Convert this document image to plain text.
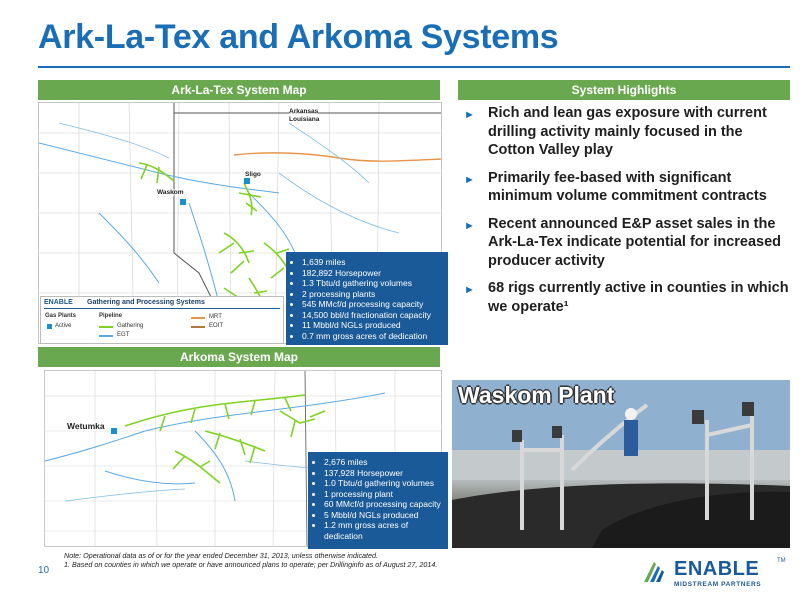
Ark-La-Tex and Arkoma Systems
Ark-La-Tex System Map	System Highlights
Arkoma System Map
Arkansas
Louisiana
Sligo
Waskom
ENABLE Gathering and Processing Systems
Gas Plants
Active
Pipeline
Gathering
EGT
MRT
EOIT
• 1,639 miles
• 182,892 Horsepower
• 1.3 Tbtu/d gathering volumes
• 2 processing plants
• 545 MMcf/d processing capacity
• 14,500 bbl/d fractionation capacity
• 11 Mbbl/d NGLs produced
• 0.7 mm gross acres of dedication
Wetumka
• 2,676 miles
• 137,928 Horsepower
• 1.0 Tbtu/d gathering volumes
• 1 processing plant
• 60 MMcf/d processing capacity
• 5 Mbbl/d NGLs produced
• 1.2 mm gross acres of dedication
► Rich and lean gas exposure with current drilling activity mainly focused in the Cotton Valley play
► Primarily fee-based with significant minimum volume commitment contracts
► Recent announced E&P asset sales in the Ark-La-Tex indicate potential for increased producer activity
► 68 rigs currently active in counties in which we operate¹
Waskom Plant
Note: Operational data as of or for the year ended December 31, 2013, unless otherwise indicated.
1. Based on counties in which we operate or have announced plans to operate; per Drillinginfo as of August 27, 2014.
10	ENABLE	TM
MIDSTREAM PARTNERS
